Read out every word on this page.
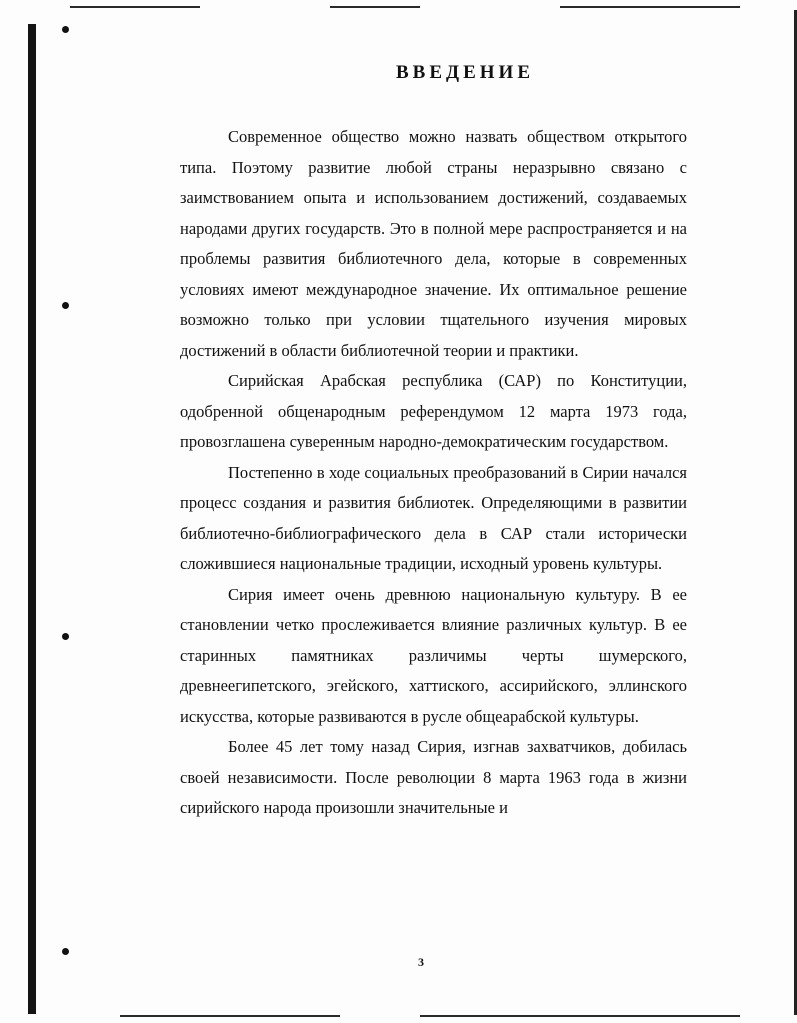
ВВЕДЕНИЕ

Современное общество можно назвать обществом открытого типа. Поэтому развитие любой страны неразрывно связано с заимствованием опыта и использованием достижений, создаваемых народами других государств. Это в полной мере распространяется и на проблемы развития библиотечного дела, которые в современных условиях имеют международное значение. Их оптимальное решение возможно только при условии тщательного изучения мировых достижений в области библиотечной теории и практики.

Сирийская Арабская республика (САР) по Конституции, одобренной общенародным референдумом 12 марта 1973 года, провозглашена суверенным народно-демократическим государством.

Постепенно в ходе социальных преобразований в Сирии начался процесс создания и развития библиотек. Определяющими в развитии библиотечно-библиографического дела в САР стали исторически сложившиеся национальные традиции, исходный уровень культуры.

Сирия имеет очень древнюю национальную культуру. В ее становлении четко прослеживается влияние различных культур. В ее старинных памятниках различимы черты шумерского, древнеегипетского, эгейского, хаттиского, ассирийского, эллинского искусства, которые развиваются в русле общеарабской культуры.

Более 45 лет тому назад Сирия, изгнав захватчиков, добилась своей независимости. После революции 8 марта 1963 года в жизни сирийского народа произошли значительные и

3
